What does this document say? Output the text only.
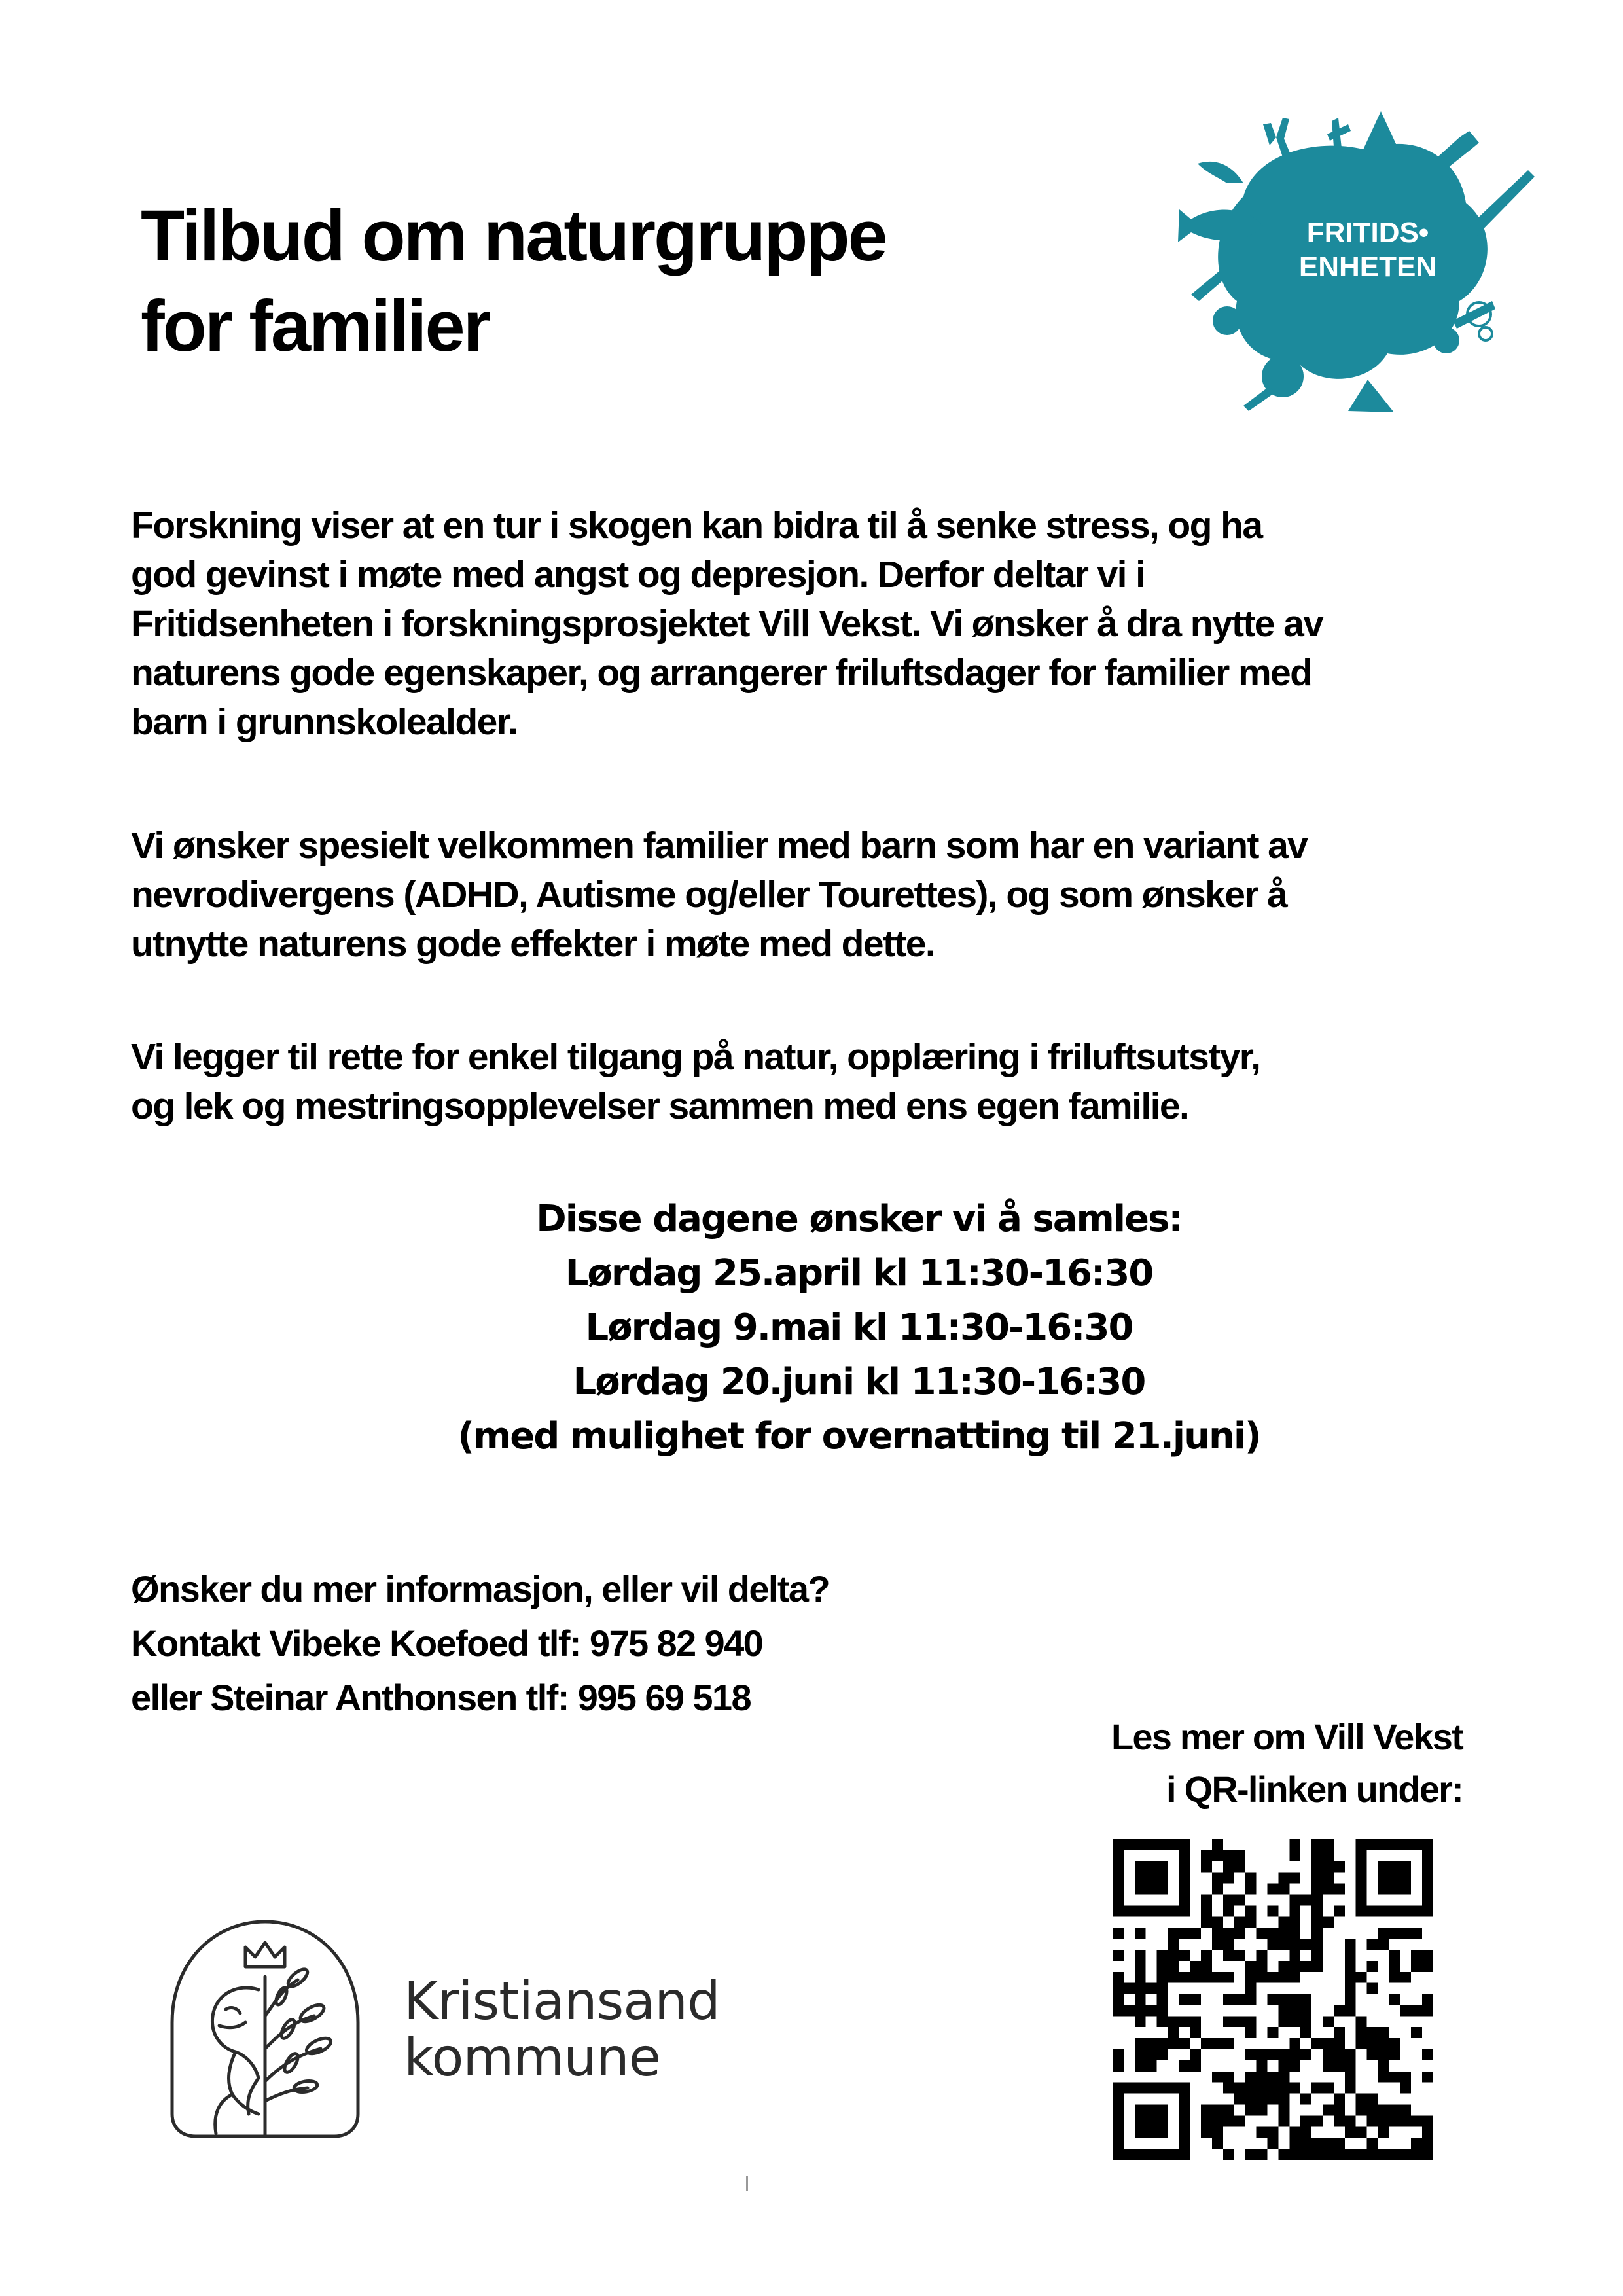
Tilbud om naturgruppe
for familier
FRITIDS•
ENHETEN
Forskning viser at en tur i skogen kan bidra til å senke stress, og ha
god gevinst i møte med angst og depresjon. Derfor deltar vi i
Fritidsenheten i forskningsprosjektet Vill Vekst. Vi ønsker å dra nytte av
naturens gode egenskaper, og arrangerer friluftsdager for familier med
barn i grunnskolealder.
Vi ønsker spesielt velkommen familier med barn som har en variant av
nevrodivergens (ADHD, Autisme og/eller Tourettes), og som ønsker å
utnytte naturens gode effekter i møte med dette.
Vi legger til rette for enkel tilgang på natur, opplæring i friluftsutstyr,
og lek og mestringsopplevelser sammen med ens egen familie.
Disse dagene ønsker vi å samles:
Lørdag 25.april kl 11:30-16:30
Lørdag 9.mai kl 11:30-16:30
Lørdag 20.juni kl 11:30-16:30
(med mulighet for overnatting til 21.juni)
Ønsker du mer informasjon, eller vil delta?
Kontakt Vibeke Koefoed tlf: 975 82 940
eller Steinar Anthonsen tlf: 995 69 518
Les mer om Vill Vekst
i QR-linken under:
Kristiansand
kommune
